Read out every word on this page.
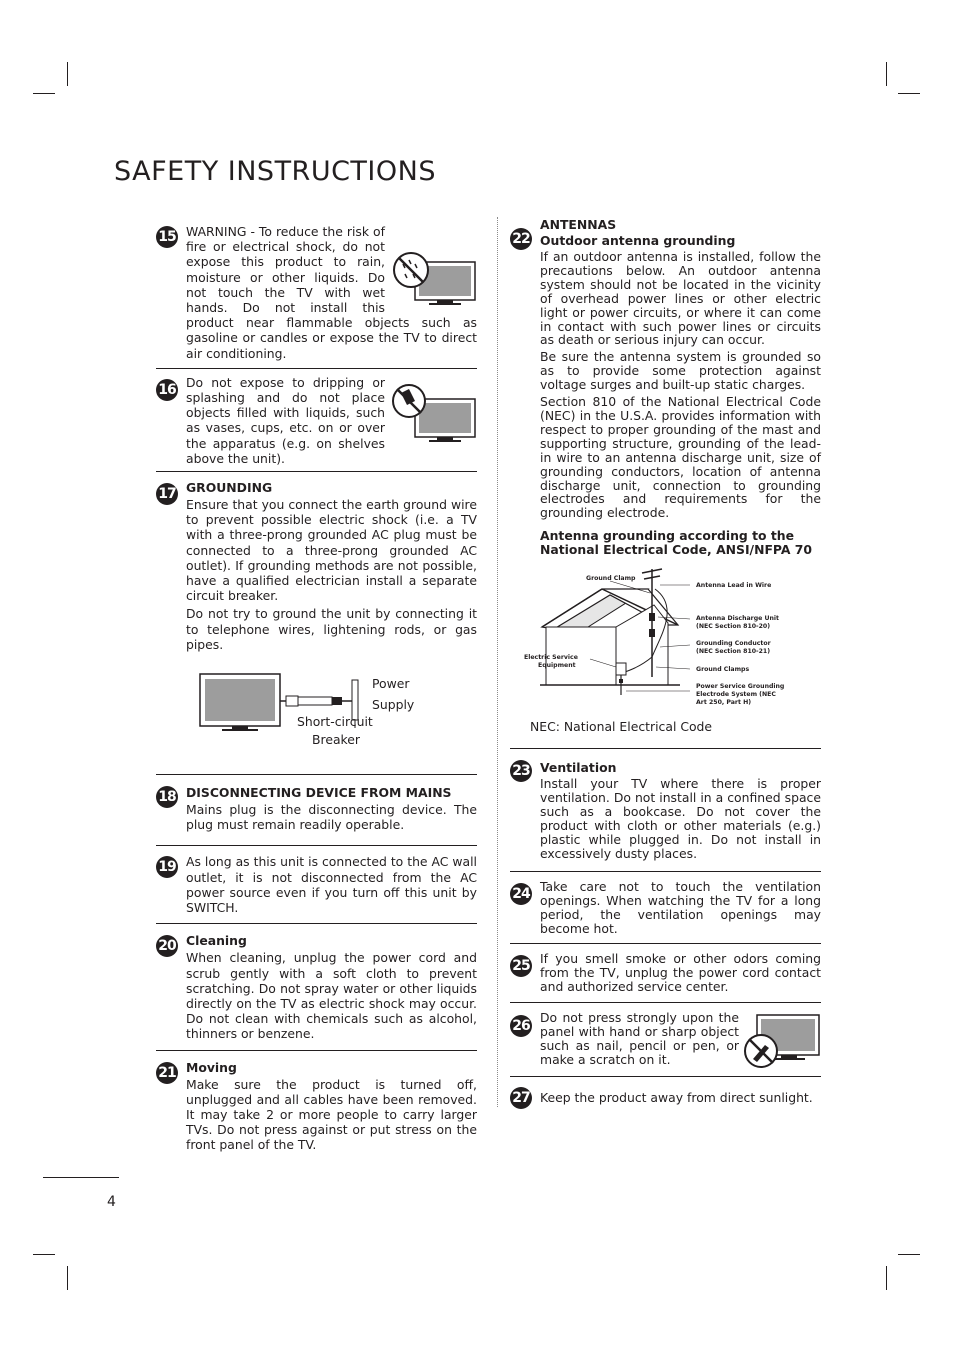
SAFETY INSTRUCTIONS
15 WARNING - To reduce the risk of fire or electrical shock, do not expose this product to rain, moisture or other liquids. Do not touch the TV with wet hands. Do not install this product near flammable objects such as gasoline or candles or expose the TV to direct air conditioning.

16 Do not expose to dripping or splashing and do not place objects filled with liquids, such as vases, cups, etc. on or over the apparatus (e.g. on shelves above the unit).

17 GROUNDING

Ensure that you connect the earth ground wire to prevent possible electric shock (i.e. a TV with a three-prong grounded AC plug must be connected to a three-prong grounded AC outlet). If grounding methods are not possible, have a qualified electrician install a separate circuit breaker.

Do not try to ground the unit by connecting it to telephone wires, lightening rods, or gas pipes.

Power
Supply
Short-circuit
Breaker
18 DISCONNECTING DEVICE FROM MAINS

Mains plug is the disconnecting device. The plug must remain readily operable.

19 As long as this unit is connected to the AC wall outlet, it is not disconnected from the AC power source even if you turn off this unit by SWITCH.

20 Cleaning

When cleaning, unplug the power cord and scrub gently with a soft cloth to prevent scratching. Do not spray water or other liquids directly on the TV as electric shock may occur. Do not clean with chemicals such as alcohol, thinners or benzene.

21 Moving

Make sure the product is turned off, unplugged and all cables have been removed. It may take 2 or more people to carry larger TVs. Do not press against or put stress on the front panel of the TV.

22
ANTENNAS
Outdoor antenna grounding

If an outdoor antenna is installed, follow the precautions below. An outdoor antenna system should not be located in the vicinity of overhead power lines or other electric light or power circuits, or where it can come in contact with such power lines or circuits as death or serious injury can occur.

Be sure the antenna system is grounded so as to provide some protection against voltage surges and built-up static charges.

Section 810 of the National Electrical Code (NEC) in the U.S.A. provides information with respect to proper grounding of the mast and supporting structure, grounding of the lead-in wire to an antenna discharge unit, size of grounding conductors, location of antenna discharge unit, connection to grounding electrodes and requirements for the grounding electrode.

Antenna grounding according to the National Electrical Code, ANSI/NFPA 70
Ground Clamp
Antenna Lead in Wire
Antenna Discharge Unit
(NEC Section 810-20)
Grounding Conductor
(NEC Section 810-21)
Ground Clamps
Power Service Grounding
Electrode System (NEC
Art 250, Part H)
Electric Service
Equipment

NEC: National Electrical Code

23 Ventilation

Install your TV where there is proper ventilation. Do not install in a confined space such as a bookcase. Do not cover the product with cloth or other materials (e.g.) plastic while plugged in. Do not install in excessively dusty places.

24 Take care not to touch the ventilation openings. When watching the TV for a long period, the ventilation openings may become hot.

25 If you smell smoke or other odors coming from the TV, unplug the power cord contact and authorized service center.

26

Do not press strongly upon the panel with hand or sharp object such as nail, pencil or pen, or make a scratch on it.

27 Keep the product away from direct sunlight.

4
